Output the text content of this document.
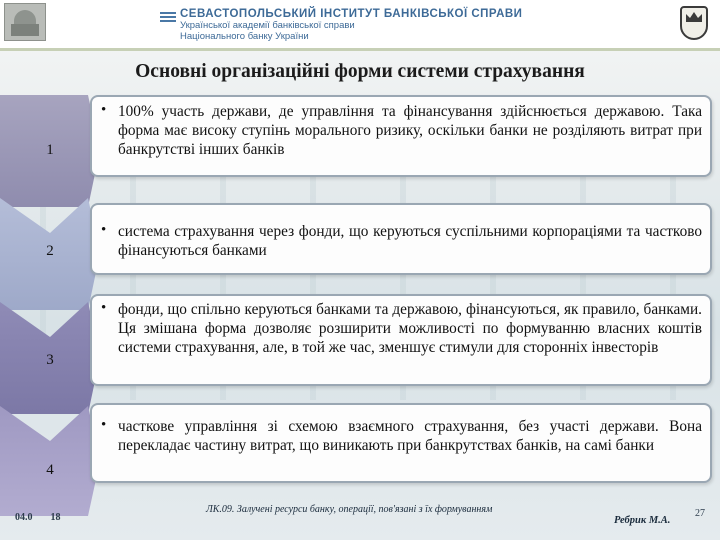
СЕВАСТОПОЛЬСЬКИЙ ІНСТИТУТ БАНКІВСЬКОЇ СПРАВИ
Української академії банківської справи
Національного банку України
Основні організаційні форми системи страхування
1
2
3
4
• 100% участь держави, де управління та фінансування здійснюється державою. Така форма має високу ступінь морального ризику, оскільки банки не розділяють витрат при банкрутстві інших банків
• система страхування через фонди, що керуються суспільними корпораціями та частково фінансуються банками
• фонди, що спільно керуються банками та державою, фінансуються, як правило, банками. Ця змішана форма дозволяє розширити можливості по формуванню власних коштів системи страхування, але, в той же час, зменшує стимули для сторонніх інвесторів
• часткове управління зі схемою взаємного страхування, без участі держави. Вона перекладає частину витрат, що виникають при банкрутствах банків, на самі банки
04.0 18
ЛК.09. Залучені ресурси банку, операції, пов'язані з їх формуванням
Ребрик М.А.
27
